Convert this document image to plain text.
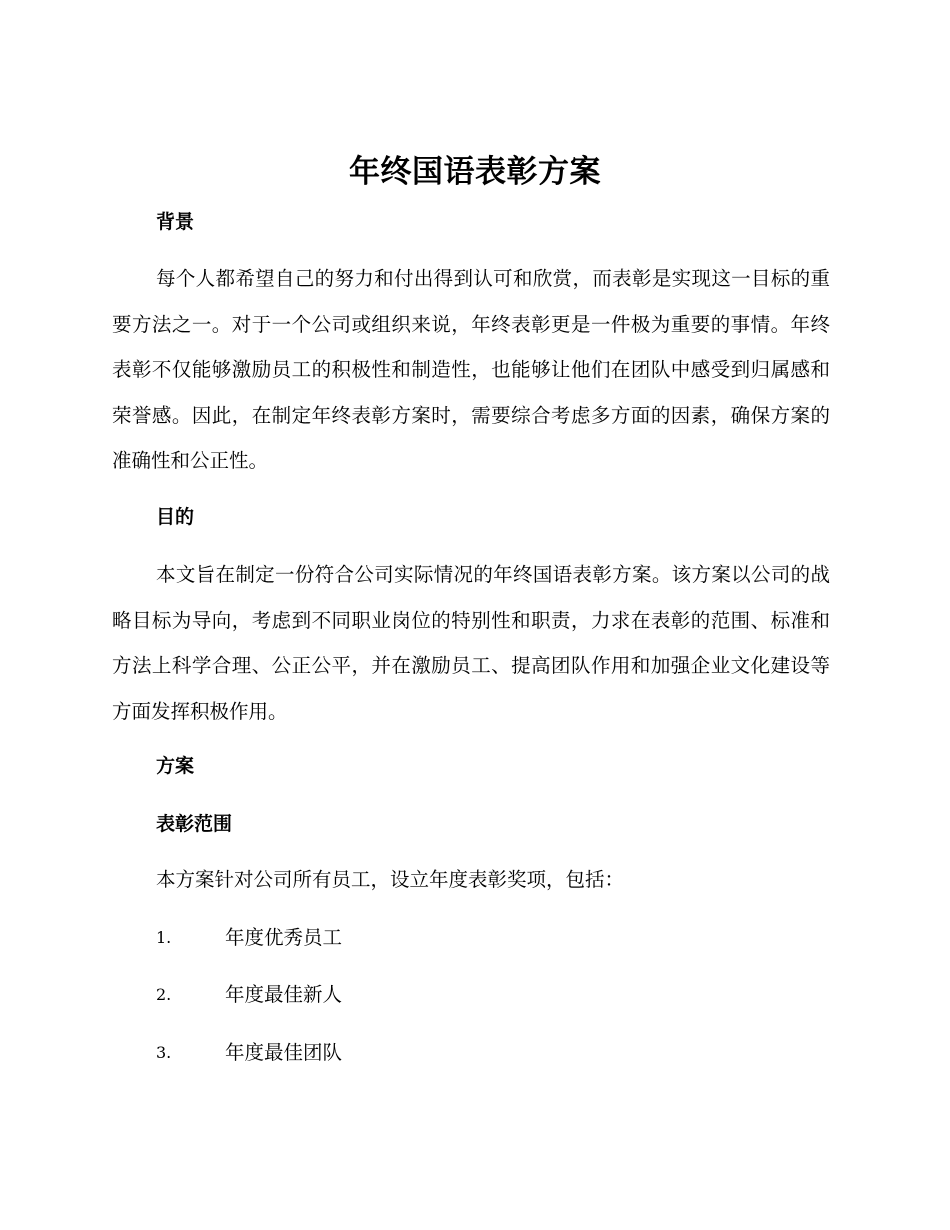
年终国语表彰方案
背景

每个人都希望自己的努力和付出得到认可和欣赏，而表彰是实现这一目标的重要方法之一。对于一个公司或组织来说，年终表彰更是一件极为重要的事情。年终表彰不仅能够激励员工的积极性和制造性，也能够让他们在团队中感受到归属感和荣誉感。因此，在制定年终表彰方案时，需要综合考虑多方面的因素，确保方案的准确性和公正性。

目的

本文旨在制定一份符合公司实际情况的年终国语表彰方案。该方案以公司的战略目标为导向，考虑到不同职业岗位的特别性和职责，力求在表彰的范围、标准和方法上科学合理、公正公平，并在激励员工、提高团队作用和加强企业文化建设等方面发挥积极作用。

方案
表彰范围

本方案针对公司所有员工，设立年度表彰奖项，包括：

1.	年度优秀员工
2.	年度最佳新人
3.	年度最佳团队
